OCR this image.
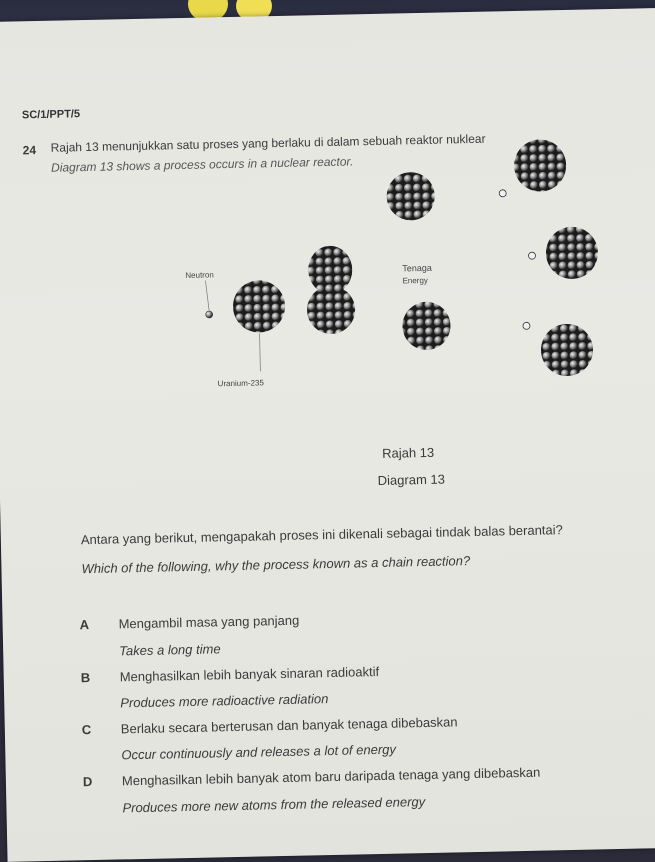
SC/1/PPT/5
24 Rajah 13 menunjukkan satu proses yang berlaku di dalam sebuah reaktor nuklear
Diagram 13 shows a process occurs in a nuclear reactor.
Neutron
Uranium-235
Tenaga
Energy
Rajah 13
Diagram 13
Antara yang berikut, mengapakah proses ini dikenali sebagai tindak balas berantai?
Which of the following, why the process known as a chain reaction?
A Mengambil masa yang panjang
Takes a long time
B Menghasilkan lebih banyak sinaran radioaktif
Produces more radioactive radiation
C Berlaku secara berterusan dan banyak tenaga dibebaskan
Occur continuously and releases a lot of energy
D Menghasilkan lebih banyak atom baru daripada tenaga yang dibebaskan
Produces more new atoms from the released energy
